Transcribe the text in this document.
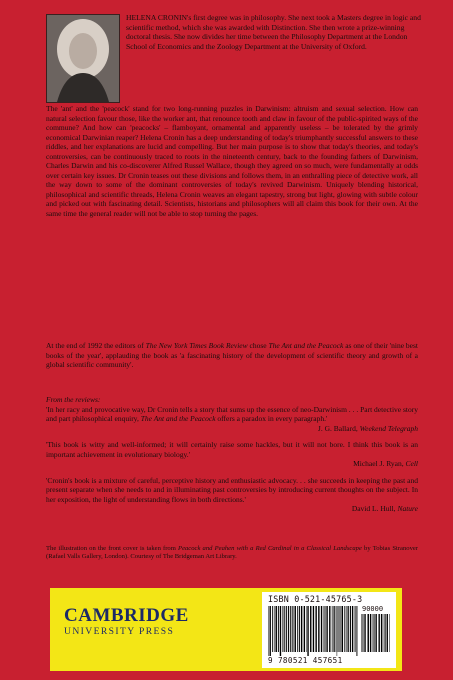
HELENA CRONIN's first degree was in philosophy. She next took a Masters degree in logic and scientific method, which she was awarded with Distinction. She then wrote a prize-winning doctoral thesis. She now divides her time between the Philosophy Department at the London School of Economics and the Zoology Department at the University of Oxford.

The 'ant' and the 'peacock' stand for two long-running puzzles in Darwinism: altruism and sexual selection. How can natural selection favour those, like the worker ant, that renounce tooth and claw in favour of the public-spirited ways of the commune? And how can 'peacocks' – flamboyant, ornamental and apparently useless – be tolerated by the grimly economical Darwinian reaper? Helena Cronin has a deep understanding of today's triumphantly successful answers to these riddles, and her explanations are lucid and compelling. But her main purpose is to show that today's theories, and today's controversies, can be continuously traced to roots in the nineteenth century, back to the founding fathers of Darwinism, Charles Darwin and his co-discoverer Alfred Russel Wallace, though they agreed on so much, were fundamentally at odds over certain key issues. Dr Cronin teases out these divisions and follows them, in an enthralling piece of detective work, all the way down to some of the dominant controversies of today's revived Darwinism. Uniquely blending historical, philosophical and scientific threads, Helena Cronin weaves an elegant tapestry, strong but light, glowing with subtle colour and picked out with fascinating detail. Scientists, historians and philosophers will all claim this book for their own. At the same time the general reader will not be able to stop turning the pages.

At the end of 1992 the editors of The New York Times Book Review chose The Ant and the Peacock as one of their 'nine best books of the year', applauding the book as 'a fascinating history of the development of scientific theory and growth of a global scientific community'.

From the reviews:

'In her racy and provocative way, Dr Cronin tells a story that sums up the essence of neo-Darwinism . . . Part detective story and part philosophical enquiry, The Ant and the Peacock offers a paradox in every paragraph.'
J. G. Ballard, Weekend Telegraph

'This book is witty and well-informed; it will certainly raise some hackles, but it will not bore. I think this book is an important achievement in evolutionary biology.'
Michael J. Ryan, Cell

'Cronin's book is a mixture of careful, perceptive history and enthusiastic advocacy. . . she succeeds in keeping the past and present separate when she needs to and in illuminating past controversies by introducing current thoughts on the subject. In her exposition, the light of understanding flows in both directions.'
David L. Hull, Nature

The illustration on the front cover is taken from Peacock and Peahen with a Red Cardinal in a Classical Landscape by Tobias Stranover (Rafael Valls Gallery, London). Courtesy of The Bridgeman Art Library.

CAMBRIDGE
UNIVERSITY PRESS
ISBN 0-521-45765-3
90000
9 780521 457651
